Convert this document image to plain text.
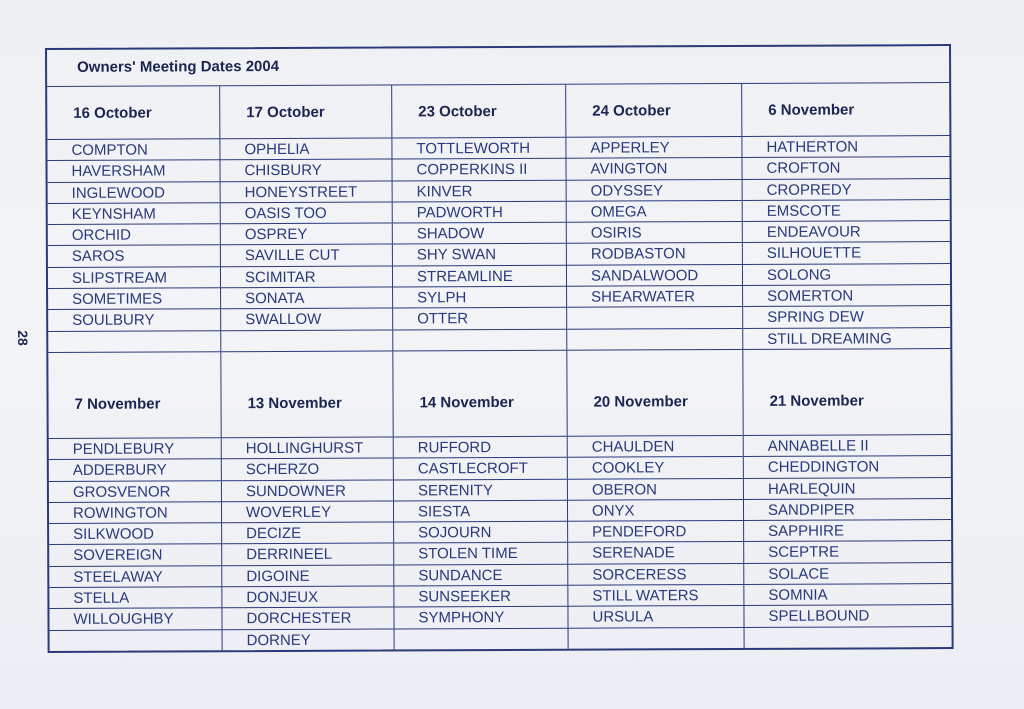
28
Owners' Meeting Dates 2004
16 October
COMPTON
HAVERSHAM
INGLEWOOD
KEYNSHAM
ORCHID
SAROS
SLIPSTREAM
SOMETIMES
SOULBURY
17 October
OPHELIA
CHISBURY
HONEYSTREET
OASIS TOO
OSPREY
SAVILLE CUT
SCIMITAR
SONATA
SWALLOW
23 October
TOTTLEWORTH
COPPERKINS II
KINVER
PADWORTH
SHADOW
SHY SWAN
STREAMLINE
SYLPH
OTTER
24 October
APPERLEY
AVINGTON
ODYSSEY
OMEGA
OSIRIS
RODBASTON
SANDALWOOD
SHEARWATER
6 November
HATHERTON
CROFTON
CROPREDY
EMSCOTE
ENDEAVOUR
SILHOUETTE
SOLONG
SOMERTON
SPRING DEW
STILL DREAMING
7 November
PENDLEBURY
ADDERBURY
GROSVENOR
ROWINGTON
SILKWOOD
SOVEREIGN
STEELAWAY
STELLA
WILLOUGHBY
13 November
HOLLINGHURST
SCHERZO
SUNDOWNER
WOVERLEY
DECIZE
DERRINEEL
DIGOINE
DONJEUX
DORCHESTER
DORNEY
14 November
RUFFORD
CASTLECROFT
SERENITY
SIESTA
SOJOURN
STOLEN TIME
SUNDANCE
SUNSEEKER
SYMPHONY
20 November
CHAULDEN
COOKLEY
OBERON
ONYX
PENDEFORD
SERENADE
SORCERESS
STILL WATERS
URSULA
21 November
ANNABELLE II
CHEDDINGTON
HARLEQUIN
SANDPIPER
SAPPHIRE
SCEPTRE
SOLACE
SOMNIA
SPELLBOUND
